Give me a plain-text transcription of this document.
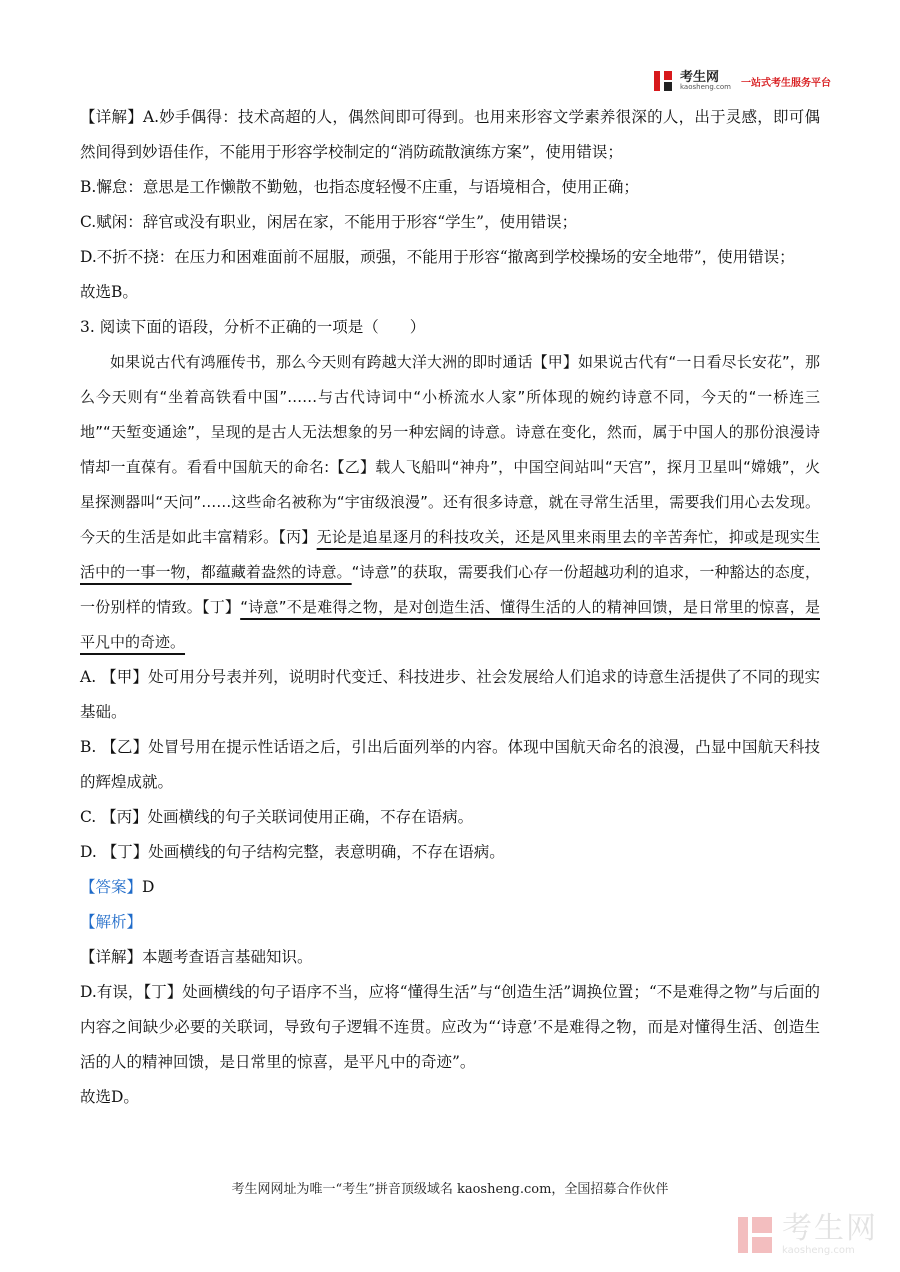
考生网
kaosheng.com 一站式考生服务平台

【详解】A.妙手偶得：技术高超的人，偶然间即可得到。也用来形容文学素养很深的人，出于灵感，即可偶然间得到妙语佳作，不能用于形容学校制定的“消防疏散演练方案”，使用错误；

B.懈怠：意思是工作懒散不勤勉，也指态度轻慢不庄重，与语境相合，使用正确；

C.赋闲：辞官或没有职业，闲居在家，不能用于形容“学生”，使用错误；

D.不折不挠：在压力和困难面前不屈服，顽强，不能用于形容“撤离到学校操场的安全地带”，使用错误；

故选B。

3. 阅读下面的语段，分析不正确的一项是（　　）

如果说古代有鸿雁传书，那么今天则有跨越大洋大洲的即时通话【甲】如果说古代有“一日看尽长安花”，那么今天则有“坐着高铁看中国”……与古代诗词中“小桥流水人家”所体现的婉约诗意不同，今天的“一桥连三地”“天堑变通途”，呈现的是古人无法想象的另一种宏阔的诗意。诗意在变化，然而，属于中国人的那份浪漫诗情却一直葆有。看看中国航天的命名:【乙】载人飞船叫“神舟”，中国空间站叫“天宫”，探月卫星叫“嫦娥”，火星探测器叫“天问”……这些命名被称为“宇宙级浪漫”。还有很多诗意，就在寻常生活里，需要我们用心去发现。今天的生活是如此丰富精彩。【丙】无论是追星逐月的科技攻关，还是风里来雨里去的辛苦奔忙，抑或是现实生活中的一事一物，都蕴藏着盎然的诗意。“诗意”的获取，需要我们心存一份超越功利的追求，一种豁达的态度，一份别样的情致。【丁】“诗意”不是难得之物，是对创造生活、懂得生活的人的精神回馈，是日常里的惊喜，是平凡中的奇迹。

A. 【甲】处可用分号表并列，说明时代变迁、科技进步、社会发展给人们追求的诗意生活提供了不同的现实基础。

B. 【乙】处冒号用在提示性话语之后，引出后面列举的内容。体现中国航天命名的浪漫，凸显中国航天科技的辉煌成就。

C. 【丙】处画横线的句子关联词使用正确，不存在语病。

D. 【丁】处画横线的句子结构完整，表意明确，不存在语病。

【答案】D

【解析】

【详解】本题考查语言基础知识。

D.有误，【丁】处画横线的句子语序不当，应将“懂得生活”与“创造生活”调换位置；“不是难得之物”与后面的内容之间缺少必要的关联词，导致句子逻辑不连贯。应改为“‘诗意’不是难得之物，而是对懂得生活、创造生活的人的精神回馈，是日常里的惊喜，是平凡中的奇迹”。

故选D。

考生网网址为唯一“考生”拼音顶级域名 kaosheng.com，全国招募合作伙伴
考生网
kaosheng.com
